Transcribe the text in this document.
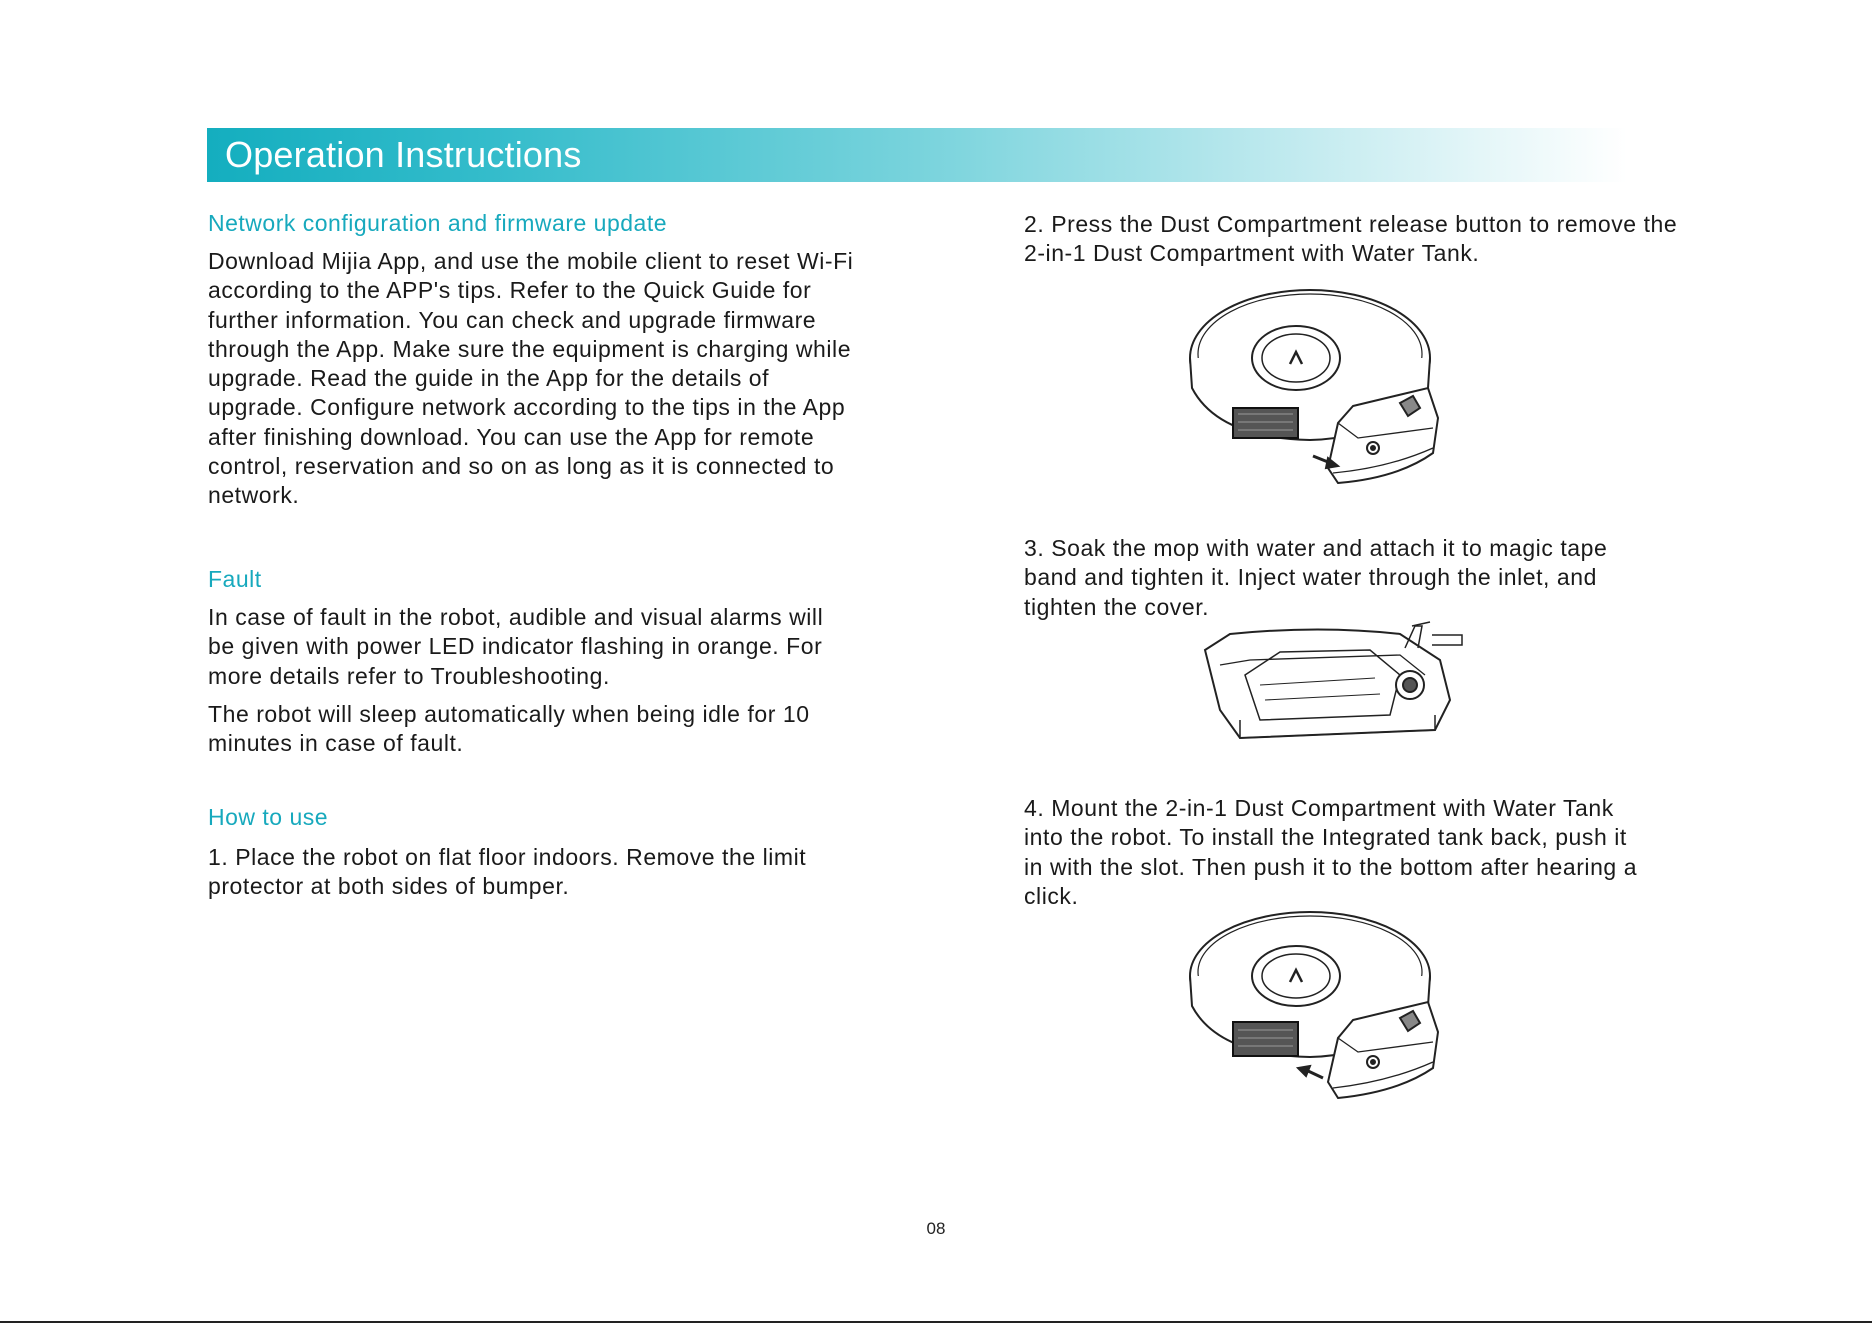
Operation Instructions
Network configuration and firmware update
Download Mijia App, and use the mobile client to reset Wi-Fi
according to the APP's tips. Refer to the Quick Guide for
further information. You can check and upgrade firmware
through the App. Make sure the equipment is charging while
upgrade. Read the guide in the App for the details of
upgrade. Configure network according to the tips in the App
after finishing download. You can use the App for remote
control, reservation and so on as long as it is connected to
network.
Fault
In case of fault in the robot, audible and visual alarms will
be given with power LED indicator flashing in orange. For
more details refer to Troubleshooting.
The robot will sleep automatically when being idle for 10
minutes in case of fault.
How to use
1. Place the robot on flat floor indoors. Remove the limit
protector at both sides of bumper.
2. Press the Dust Compartment release button to remove the
2-in-1 Dust Compartment with Water Tank.
3. Soak the mop with water and attach it to magic tape
band and tighten it. Inject water through the inlet, and
tighten the cover.
4. Mount the 2-in-1 Dust Compartment with Water Tank
into the robot. To install the Integrated tank back, push it
in with the slot. Then push it to the bottom after hearing a
click.
08
